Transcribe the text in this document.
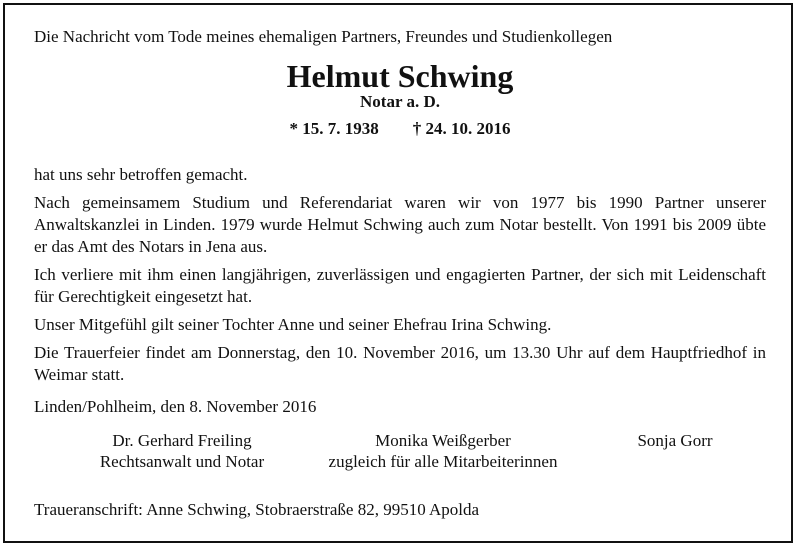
Die Nachricht vom Tode meines ehemaligen Partners, Freundes und Studienkollegen
Helmut Schwing
Notar a. D.
* 15. 7. 1938 † 24. 10. 2016

hat uns sehr betroffen gemacht.

Nach gemeinsamem Studium und Referendariat waren wir von 1977 bis 1990 Partner unserer Anwaltskanzlei in Linden. 1979 wurde Helmut Schwing auch zum Notar bestellt. Von 1991 bis 2009 übte er das Amt des Notars in Jena aus.

Ich verliere mit ihm einen langjährigen, zuverlässigen und engagierten Partner, der sich mit Leidenschaft für Gerechtigkeit eingesetzt hat.

Unser Mitgefühl gilt seiner Tochter Anne und seiner Ehefrau Irina Schwing.

Die Trauerfeier findet am Donnerstag, den 10. November 2016, um 13.30 Uhr auf dem Hauptfriedhof in Weimar statt.

Linden/Pohlheim, den 8. November 2016
Dr. Gerhard Freiling
Rechtsanwalt und Notar
Monika Weißgerber
zugleich für alle Mitarbeiterinnen
Sonja Gorr
Traueranschrift: Anne Schwing, Stobraerstraße 82, 99510 Apolda
